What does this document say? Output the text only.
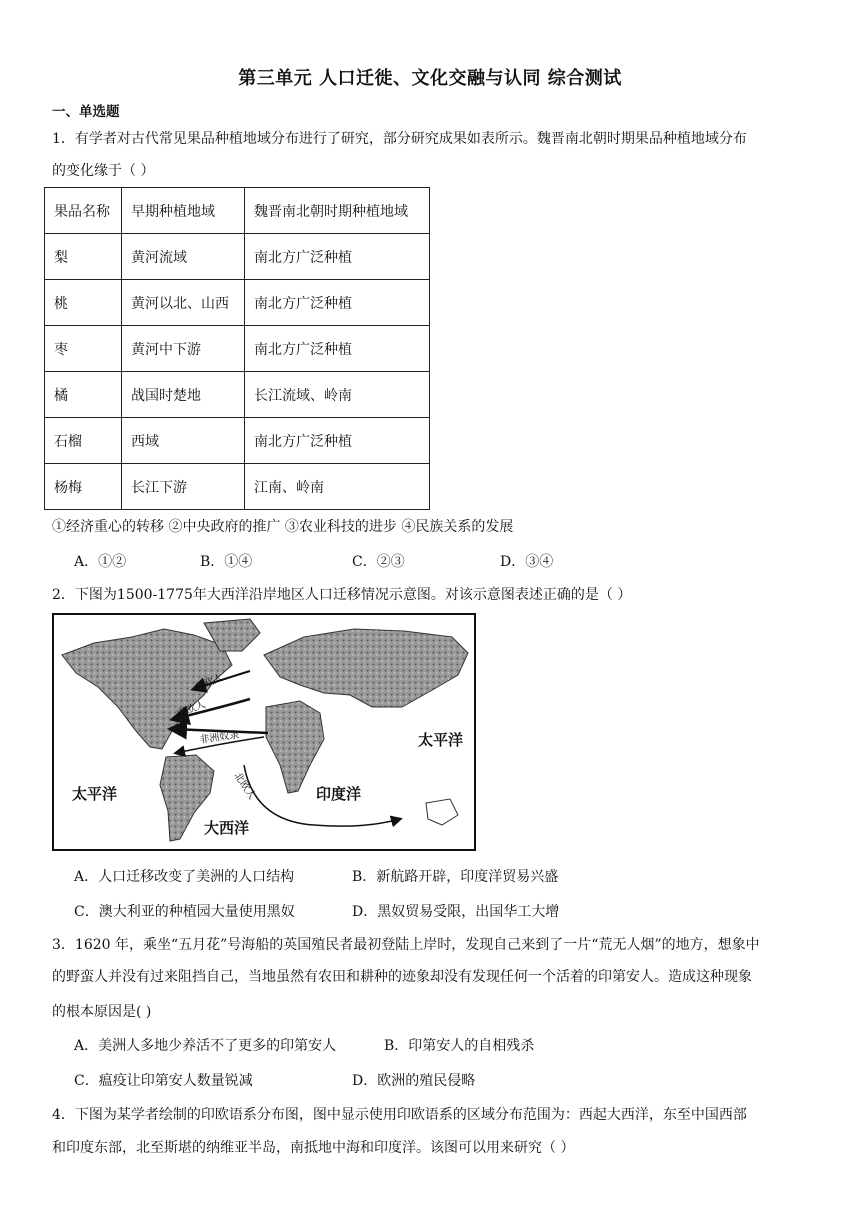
第三单元 人口迁徙、文化交融与认同 综合测试
一、单选题
1．有学者对古代常见果品种植地域分布进行了研究，部分研究成果如表所示。魏晋南北朝时期果品种植地域分布
的变化缘于（ ）
果品名称	早期种植地域	魏晋南北朝时期种植地域
梨	黄河流域	南北方广泛种植
桃	黄河以北、山西	南北方广泛种植
枣	黄河中下游	南北方广泛种植
橘	战国时楚地	长江流域、岭南
石榴	西域	南北方广泛种植
杨梅	长江下游	江南、岭南
①经济重心的转移 ②中央政府的推广 ③农业科技的进步 ④民族关系的发展
A．①②	B．①④	C．②③	D．③④
2．下图为1500-1775年大西洋沿岸地区人口迁移情况示意图。对该示意图表述正确的是（ ）
北欧人
南欧人
非洲奴隶
北欧人
太平洋
太平洋	印度洋
大西洋
A．人口迁移改变了美洲的人口结构	B．新航路开辟，印度洋贸易兴盛
C．澳大利亚的种植园大量使用黑奴	D．黑奴贸易受限，出国华工大增
3．1620 年，乘坐“五月花”号海船的英国殖民者最初登陆上岸时，发现自己来到了一片“荒无人烟”的地方，想象中
的野蛮人并没有过来阻挡自己，当地虽然有农田和耕种的迹象却没有发现任何一个活着的印第安人。造成这种现象
的根本原因是( )
A．美洲人多地少养活不了更多的印第安人	B．印第安人的自相残杀
C．瘟疫让印第安人数量锐减	D．欧洲的殖民侵略
4．下图为某学者绘制的印欧语系分布图，图中显示使用印欧语系的区域分布范围为：西起大西洋，东至中国西部
和印度东部，北至斯堪的纳维亚半岛，南抵地中海和印度洋。该图可以用来研究（ ）
